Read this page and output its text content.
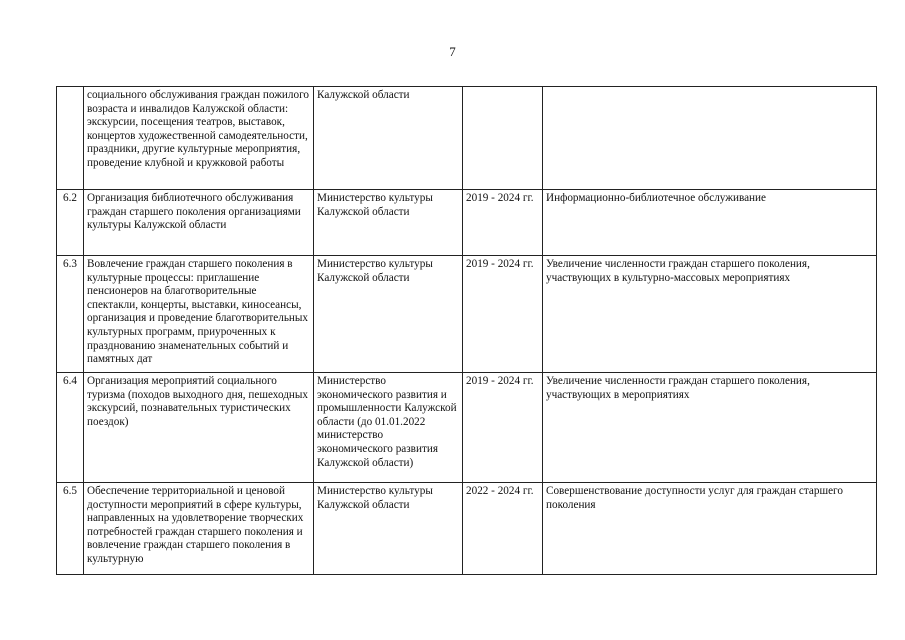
7
	социального обслуживания граждан пожилого возраста и инвалидов Калужской области: экскурсии, посещения театров, выставок, концертов художественной самодеятельности, праздники, другие культурные мероприятия, проведение клубной и кружковой работы	Калужской области		
6.2	Организация библиотечного обслуживания граждан старшего поколения организациями культуры Калужской области	Министерство культуры Калужской области	2019 - 2024 гг.	Информационно-библиотечное обслуживание
6.3	Вовлечение граждан старшего поколения в культурные процессы: приглашение пенсионеров на благотворительные спектакли, концерты, выставки, киносеансы, организация и проведение благотворительных культурных программ, приуроченных к празднованию знаменательных событий и памятных дат	Министерство культуры Калужской области	2019 - 2024 гг.	Увеличение численности граждан старшего поколения, участвующих в культурно-массовых мероприятиях
6.4	Организация мероприятий социального туризма (походов выходного дня, пешеходных экскурсий, познавательных туристических поездок)	Министерство экономического развития и промышленности Калужской области (до 01.01.2022 министерство экономического развития Калужской области)	2019 - 2024 гг.	Увеличение численности граждан старшего поколения, участвующих в мероприятиях
6.5	Обеспечение территориальной и ценовой доступности мероприятий в сфере культуры, направленных на удовлетворение творческих потребностей граждан старшего поколения и вовлечение граждан старшего поколения в культурную	Министерство культуры Калужской области	2022 - 2024 гг.	Совершенствование доступности услуг для граждан старшего поколения
